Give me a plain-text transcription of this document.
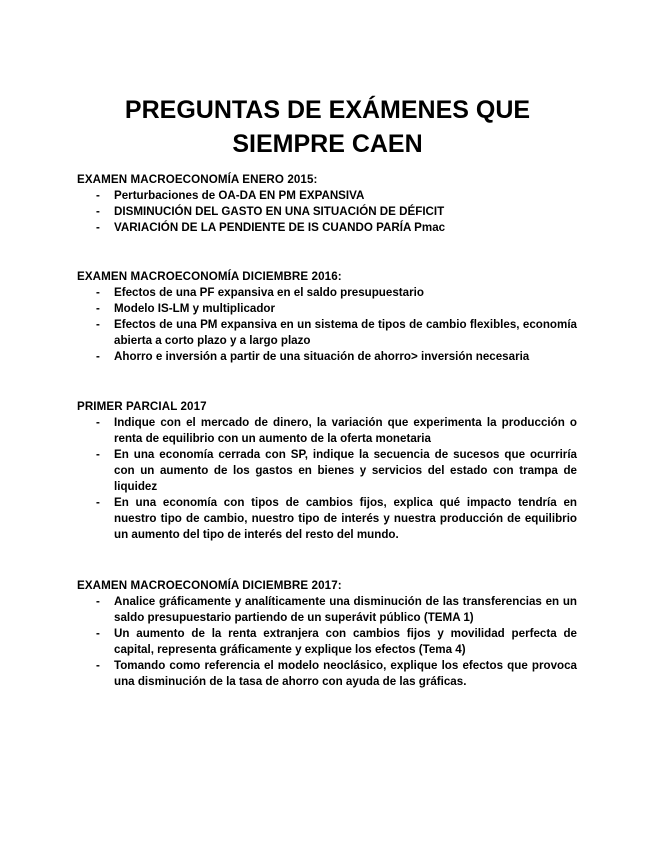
PREGUNTAS DE EXÁMENES QUE
SIEMPRE CAEN

EXAMEN MACROECONOMÍA ENERO 2015:

- Perturbaciones de OA-DA EN PM EXPANSIVA
- DISMINUCIÓN DEL GASTO EN UNA SITUACIÓN DE DÉFICIT
- VARIACIÓN DE LA PENDIENTE DE IS CUANDO PARÍA Pmac

EXAMEN MACROECONOMÍA DICIEMBRE 2016:

- Efectos de una PF expansiva en el saldo presupuestario
- Modelo IS-LM y multiplicador
- Efectos de una PM expansiva en un sistema de tipos de cambio flexibles, economía abierta a corto plazo y a largo plazo
- Ahorro e inversión a partir de una situación de ahorro> inversión necesaria

PRIMER PARCIAL 2017

- Indique con el mercado de dinero, la variación que experimenta la producción o renta de equilibrio con un aumento de la oferta monetaria
- En una economía cerrada con SP, indique la secuencia de sucesos que ocurriría con un aumento de los gastos en bienes y servicios del estado con trampa de liquidez
- En una economía con tipos de cambios fijos, explica qué impacto tendría en nuestro tipo de cambio, nuestro tipo de interés y nuestra producción de equilibrio un aumento del tipo de interés del resto del mundo.

EXAMEN MACROECONOMÍA DICIEMBRE 2017:

- Analice gráficamente y analíticamente una disminución de las transferencias en un saldo presupuestario partiendo de un superávit público (TEMA 1)
- Un aumento de la renta extranjera con cambios fijos y movilidad perfecta de capital, representa gráficamente y explique los efectos (Tema 4)
- Tomando como referencia el modelo neoclásico, explique los efectos que provoca una disminución de la tasa de ahorro con ayuda de las gráficas.
